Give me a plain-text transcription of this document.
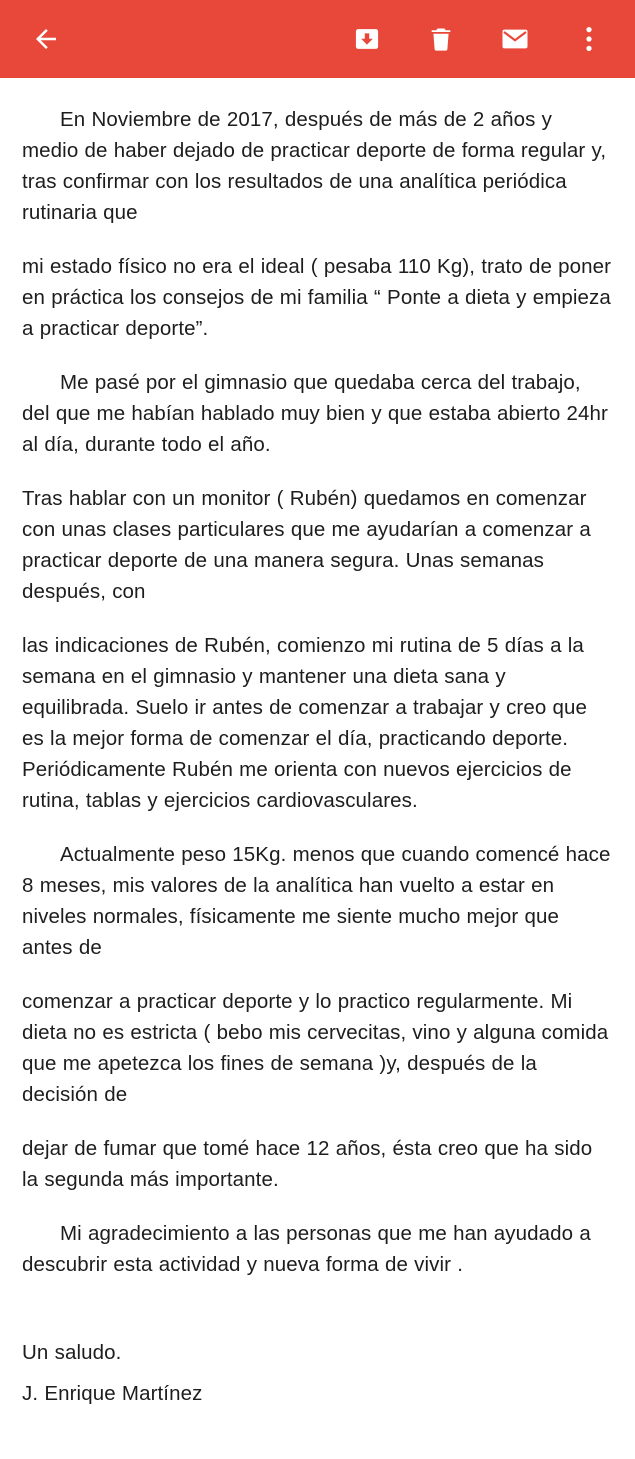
En Noviembre de 2017, después de más de 2 años y medio de haber dejado de practicar deporte de forma regular y, tras confirmar con los resultados de una analítica periódica rutinaria que

mi estado físico no era el ideal ( pesaba 110 Kg), trato de poner en práctica los consejos de mi familia “ Ponte a dieta y empieza a practicar deporte”.

Me pasé por el gimnasio que quedaba cerca del trabajo, del que me habían hablado muy bien y que estaba abierto 24hr al día, durante todo el año.

Tras hablar con un monitor ( Rubén) quedamos en comenzar con unas clases particulares que me ayudarían a comenzar a practicar deporte de una manera segura. Unas semanas después, con

las indicaciones de Rubén, comienzo mi rutina de 5 días a la semana en el gimnasio y mantener una dieta sana y equilibrada. Suelo ir antes de comenzar a trabajar y creo que es la mejor forma de comenzar el día, practicando deporte. Periódicamente Rubén me orienta con nuevos ejercicios de rutina, tablas y ejercicios cardiovasculares.

Actualmente peso 15Kg. menos que cuando comencé hace 8 meses, mis valores de la analítica han vuelto a estar en niveles normales, físicamente me siente mucho mejor que antes de

comenzar a practicar deporte y lo practico regularmente. Mi dieta no es estricta ( bebo mis cervecitas, vino y alguna comida que me apetezca los fines de semana )y, después de la decisión de

dejar de fumar que tomé hace 12 años, ésta creo que ha sido la segunda más importante.

Mi agradecimiento a las personas que me han ayudado a descubrir esta actividad y nueva forma de vivir .

Un saludo.

J. Enrique Martínez
